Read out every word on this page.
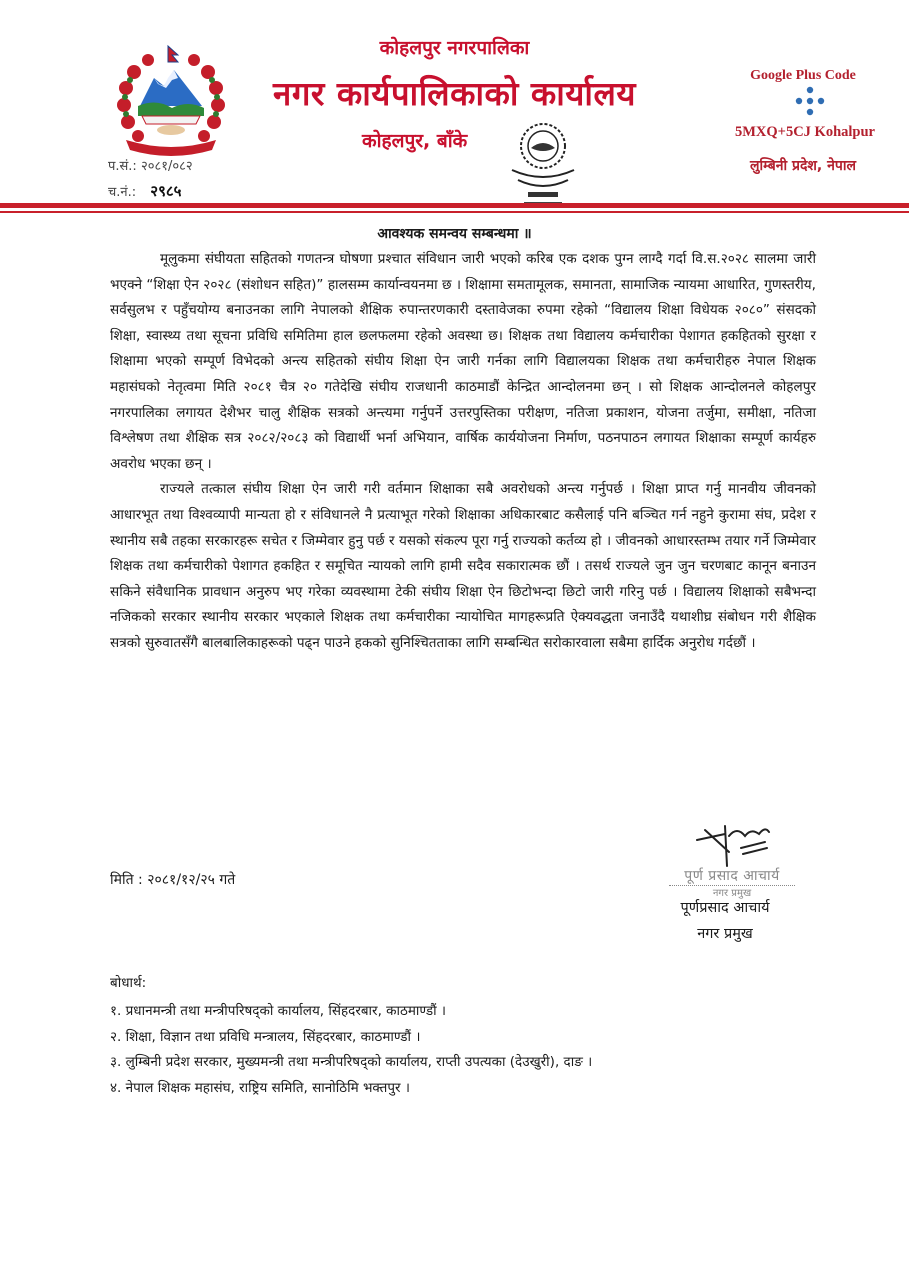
कोहलपुर नगरपालिका
नगर कार्यपालिकाको कार्यालय
कोहलपुर, बाँके
Google Plus Code
5MXQ+5CJ Kohalpur
लुम्बिनी प्रदेश, नेपाल
प.सं.: २०८१/०८२
च.नं.: २९८५
आवश्यक समन्वय सम्बन्धमा ॥

मूलुकमा संघीयता सहितको गणतन्त्र घोषणा प्रश्चात संविधान जारी भएको करिब एक दशक पुग्न लाग्दै गर्दा वि.स.२०२८ सालमा जारी भएक्ने “शिक्षा ऐन २०२८ (संशोधन सहित)” हालसम्म कार्यान्वयनमा छ । शिक्षामा समतामूलक, समानता, सामाजिक न्यायमा आधारित, गुणस्तरीय, सर्वसुलभ र पहुँचयोग्य बनाउनका लागि नेपालको शैक्षिक रुपान्तरणकारी दस्तावेजका रुपमा रहेको “विद्यालय शिक्षा विधेयक २०८०” संसदको शिक्षा, स्वास्थ्य तथा सूचना प्रविधि समितिमा हाल छलफलमा रहेको अवस्था छ। शिक्षक तथा विद्यालय कर्मचारीका पेशागत हकहितको सुरक्षा र शिक्षामा भएको सम्पूर्ण विभेदको अन्त्य सहितको संघीय शिक्षा ऐन जारी गर्नका लागि विद्यालयका शिक्षक तथा कर्मचारीहरु नेपाल शिक्षक महासंघको नेतृत्वमा मिति २०८१ चैत्र २० गतेदेखि संघीय राजधानी काठमाडौं केन्द्रित आन्दोलनमा छन् । सो शिक्षक आन्दोलनले कोहलपुर नगरपालिका लगायत देशैभर चालु शैक्षिक सत्रको अन्त्यमा गर्नुपर्ने उत्तरपुस्तिका परीक्षण, नतिजा प्रकाशन, योजना तर्जुमा, समीक्षा, नतिजा विश्लेषण तथा शैक्षिक सत्र २०८२/२०८३ को विद्यार्थी भर्ना अभियान, वार्षिक कार्ययोजना निर्माण, पठनपाठन लगायत शिक्षाका सम्पूर्ण कार्यहरु अवरोध भएका छन् ।

राज्यले तत्काल संघीय शिक्षा ऐन जारी गरी वर्तमान शिक्षाका सबै अवरोधको अन्त्य गर्नुपर्छ । शिक्षा प्राप्त गर्नु मानवीय जीवनको आधारभूत तथा विश्वव्यापी मान्यता हो र संविधानले नै प्रत्याभूत गरेको शिक्षाका अधिकारबाट कसैलाई पनि बञ्चित गर्न नहुने कुरामा संघ, प्रदेश र स्थानीय सबै तहका सरकारहरू सचेत र जिम्मेवार हुनु पर्छ र यसको संकल्प पूरा गर्नु राज्यको कर्तव्य हो । जीवनको आधारस्तम्भ तयार गर्ने जिम्मेवार शिक्षक तथा कर्मचारीको पेशागत हकहित र समूचित न्यायको लागि हामी सदैव सकारात्मक छौं । तसर्थ राज्यले जुन जुन चरणबाट कानून बनाउन सकिने संवैधानिक प्रावधान अनुरुप भए गरेका व्यवस्थामा टेकी संघीय शिक्षा ऐन छिटोभन्दा छिटो जारी गरिनु पर्छ । विद्यालय शिक्षाको सबैभन्दा नजिकको सरकार स्थानीय सरकार भएकाले शिक्षक तथा कर्मचारीका न्यायोचित मागहरूप्रति ऐक्यवद्धता जनाउँदै यथाशीघ्र संबोधन गरी शैक्षिक सत्रको सुरुवातसँगै बालबालिकाहरूको पढ्न पाउने हकको सुनिश्चितताका लागि सम्बन्धित सरोकारवाला सबैमा हार्दिक अनुरोध गर्दछौं ।

मिति : २०८१/१२/२५ गते	पूर्ण प्रसाद आचार्य
नगर प्रमुख
पूर्णप्रसाद आचार्य
नगर प्रमुख
बोधार्थ:
१. प्रधानमन्त्री तथा मन्त्रीपरिषद्को कार्यालय, सिंहदरबार, काठमाण्डौं ।
२. शिक्षा, विज्ञान तथा प्रविधि मन्त्रालय, सिंहदरबार, काठमाण्डौं ।
३. लुम्बिनी प्रदेश सरकार, मुख्यमन्त्री तथा मन्त्रीपरिषद्को कार्यालय, राप्ती उपत्यका (देउखुरी), दाङ ।
४. नेपाल शिक्षक महासंघ, राष्ट्रिय समिति, सानोठिमि भक्तपुर ।
